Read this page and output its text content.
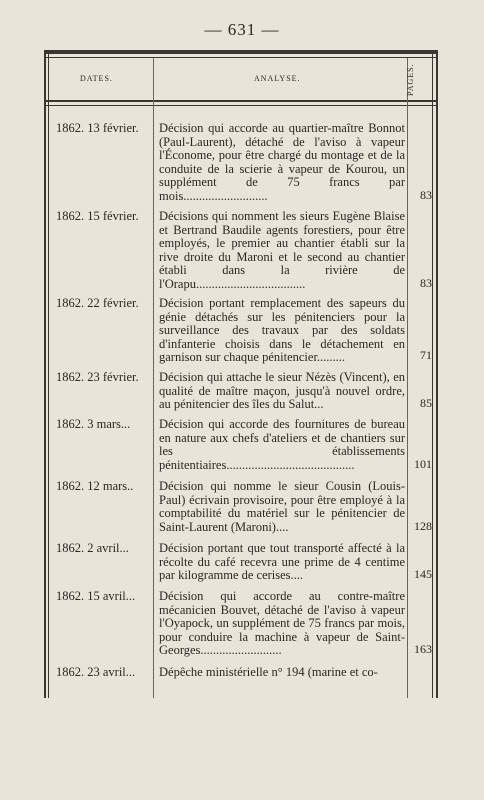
— 631 —
DATES.	ANALYSE.	PAGES.
1862. 13 février.	Décision qui accorde au quartier-maître Bonnot (Paul-Laurent), détaché de l'aviso à vapeur l'Économe, pour être chargé du montage et de la conduite de la scierie à vapeur de Kourou, un supplément de 75 francs par mois...........................	83
1862. 15 février.	Décisions qui nomment les sieurs Eugène Blaise et Bertrand Baudile agents forestiers, pour être employés, le premier au chantier établi sur la rive droite du Maroni et le second au chantier établi dans la rivière de l'Orapu...................................	83
1862. 22 février.	Décision portant remplacement des sapeurs du génie détachés sur les pénitenciers pour la surveillance des travaux par des soldats d'infanterie choisis dans le détachement en garnison sur chaque pénitencier.........	71
1862. 23 février.	Décision qui attache le sieur Nézès (Vincent), en qualité de maître maçon, jusqu'à nouvel ordre, au pénitencier des îles du Salut...	85
1862. 3 mars...	Décision qui accorde des fournitures de bureau en nature aux chefs d'ateliers et de chantiers sur les établissements pénitentiaires.........................................	101
1862. 12 mars..	Décision qui nomme le sieur Cousin (Louis-Paul) écrivain provisoire, pour être employé à la comptabilité du matériel sur le pénitencier de Saint-Laurent (Maroni)....	128
1862. 2 avril...	Décision portant que tout transporté affecté à la récolte du café recevra une prime de 4 centime par kilogramme de cerises....	145
1862. 15 avril...	Décision qui accorde au contre-maître mécanicien Bouvet, détaché de l'aviso à vapeur l'Oyapock, un supplément de 75 francs par mois, pour conduire la machine à vapeur de Saint-Georges..........................	163
1862. 23 avril...	Dépêche ministérielle n° 194 (marine et co-
